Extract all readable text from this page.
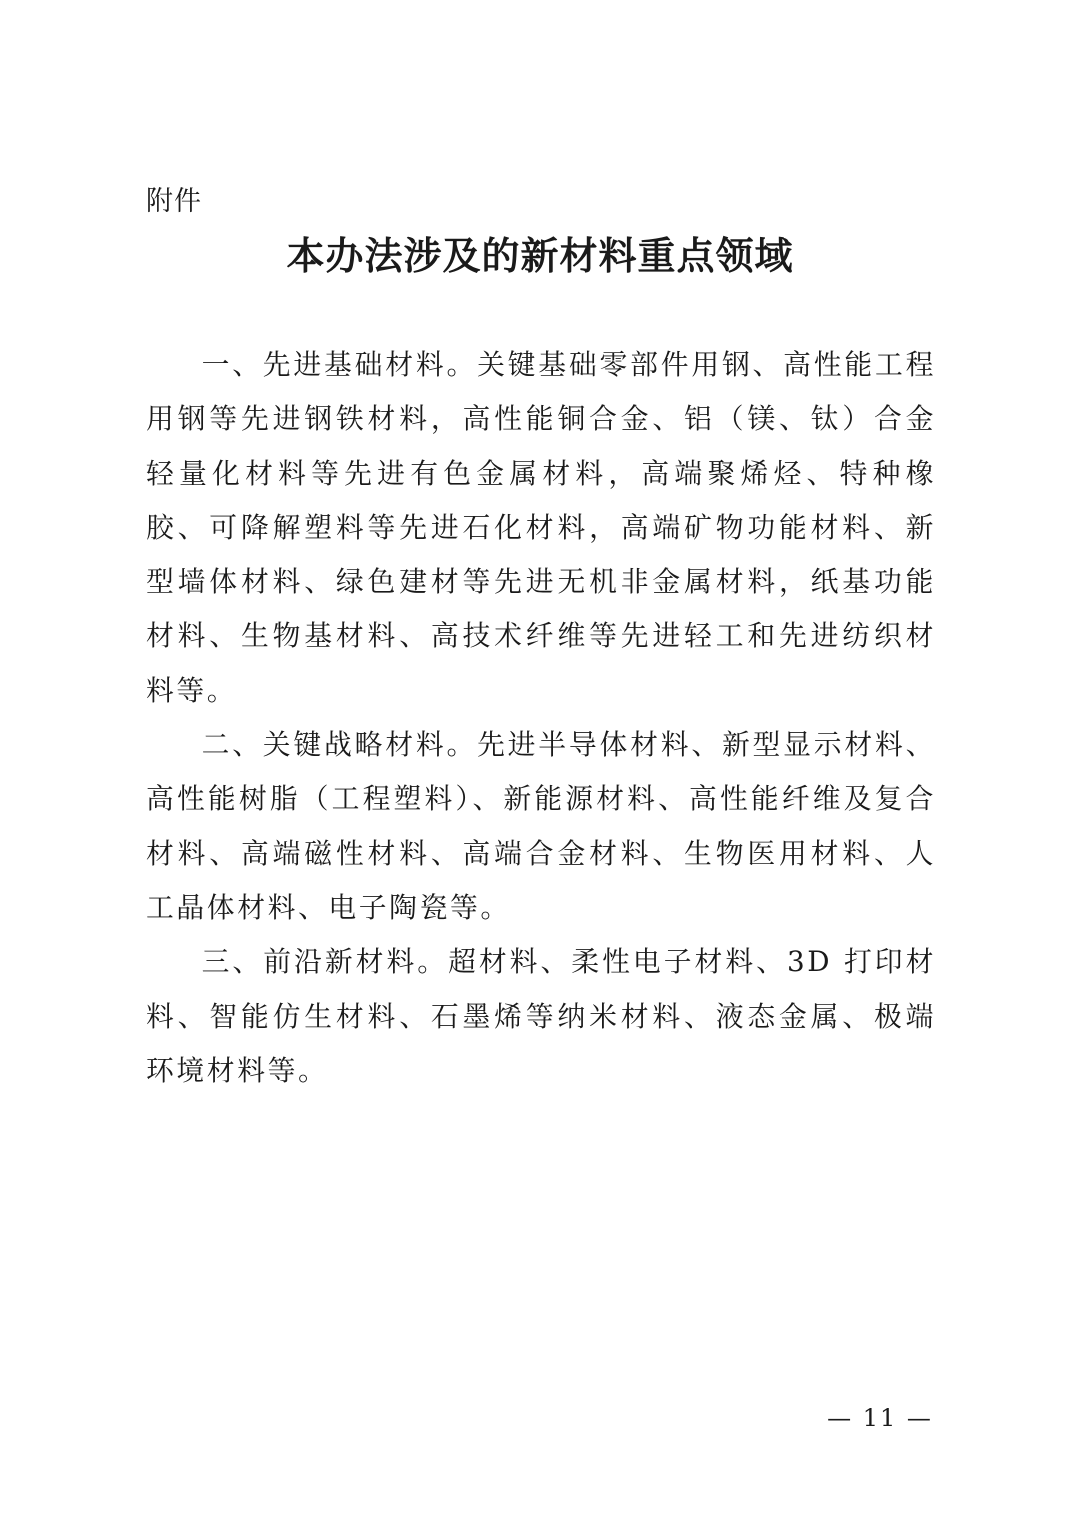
附件
本办法涉及的新材料重点领域

一、先进基础材料。关键基础零部件用钢、高性能工程用钢等先进钢铁材料，高性能铜合金、铝（镁、钛）合金轻量化材料等先进有色金属材料，高端聚烯烃、特种橡胶、可降解塑料等先进石化材料，高端矿物功能材料、新型墙体材料、绿色建材等先进无机非金属材料，纸基功能材料、生物基材料、高技术纤维等先进轻工和先进纺织材料等。

二、关键战略材料。先进半导体材料、新型显示材料、高性能树脂（工程塑料）、新能源材料、高性能纤维及复合材料、高端磁性材料、高端合金材料、生物医用材料、人工晶体材料、电子陶瓷等。

三、前沿新材料。超材料、柔性电子材料、3D 打印材料、智能仿生材料、石墨烯等纳米材料、液态金属、极端环境材料等。

— 11 —
